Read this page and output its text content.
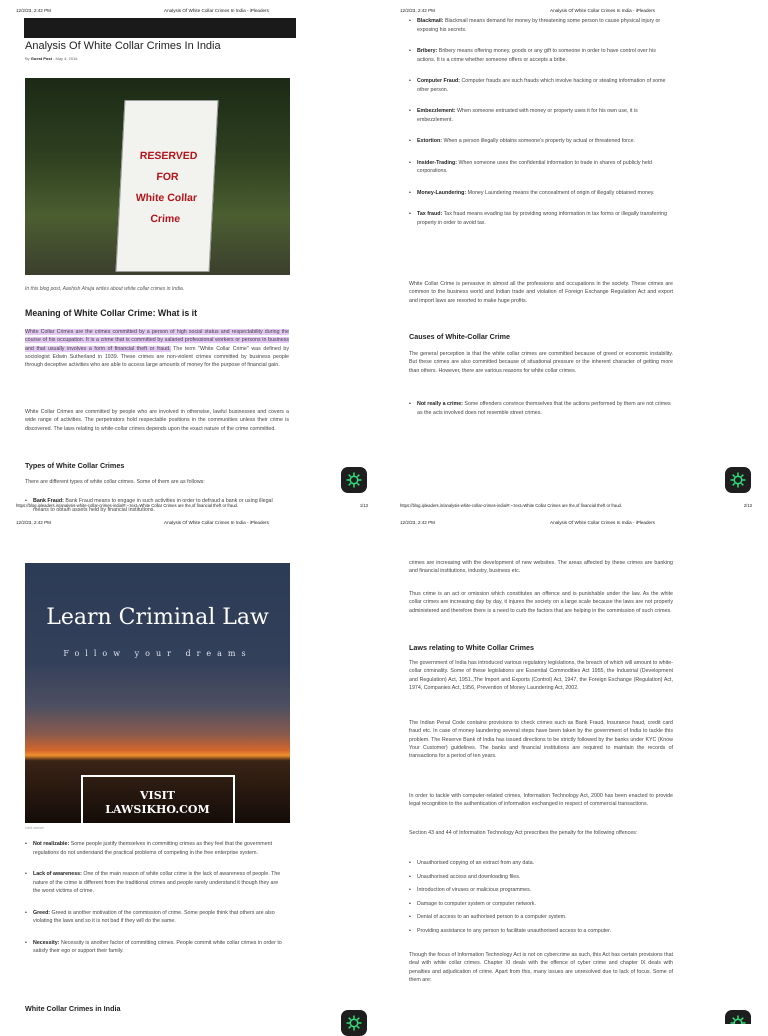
12/2/23, 2:42 PM	Analysis Of White Collar Crimes In India - iPleaders
Analysis Of White Collar Crimes In India
By Guest Post - May 4, 2016
RESERVED
FOR
White Collar
Crime
In this blog post, Aashish Ahuja writes about white collar crimes in India.
Meaning of White Collar Crime: What is it
White Collar Crimes are the crimes committed by a person of high social status and respectability during the course of his occupation. It is a crime that is committed by salaried professional workers or persons in business and that usually involves a form of financial theft or fraud. The term "White Collar Crime" was defined by sociologist Edwin Sutherland in 1939. These crimes are non-violent crimes committed by business people through deceptive activities who are able to access large amounts of money for the purpose of financial gain.
White Collar Crimes are committed by people who are involved in otherwise, lawful businesses and covers a wide range of activities. The perpetrators hold respectable positions in the communities unless their crime is discovered. The laws relating to white-collar crimes depends upon the exact nature of the crime committed.
Types of White Collar Crimes
There are different types of white collar crimes. Some of them are as follows:
• Bank Fraud: Bank Fraud means to engage in such activities in order to defraud a bank or using illegal means to obtain assets held by financial institutions.
https://blog.ipleaders.in/analysis-white-collar-crimes-india/#:~:text=White Collar Crimes are the,of financial theft or fraud.	1/13
12/2/23, 2:42 PM	Analysis Of White Collar Crimes In India - iPleaders
• Blackmail: Blackmail means demand for money by threatening some person to cause physical injury or exposing his secrets.
• Bribery: Bribery means offering money, goods or any gift to someone in order to have control over his actions. It is a crime whether someone offers or accepts a bribe.
• Computer Fraud: Computer frauds are such frauds which involve hacking or stealing information of some other person.
• Embezzlement: When someone entrusted with money or property uses it for his own use, it is embezzlement.
• Extortion: When a person illegally obtains someone's property by actual or threatened force.
• Insider-Trading: When someone uses the confidential information to trade in shares of publicly held corporations.
• Money-Laundering: Money Laundering means the concealment of origin of illegally obtained money.
• Tax fraud: Tax fraud means evading tax by providing wrong information in tax forms or illegally transferring property in order to avoid tax.
White Collar Crime is pervasive in almost all the professions and occupations in the society. These crimes are common to the business world and Indian trade and violation of Foreign Exchange Regulation Act and export and import laws are resorted to make huge profits.
Causes of White-Collar Crime
The general perception is that the white collar crimes are committed because of greed or economic instability. But these crimes are also committed because of situational pressure or the inherent character of getting more than others. However, there are various reasons for white collar crimes.
• Not really a crime: Some offenders convince themselves that the actions performed by them are not crimes as the acts involved does not resemble street crimes.
https://blog.ipleaders.in/analysis-white-collar-crimes-india/#:~:text=White Collar Crimes are the,of financial theft or fraud.	2/13
12/2/23, 2:42 PM	Analysis Of White Collar Crimes In India - iPleaders
Learn Criminal Law
Follow your dreams
VISIT
LAWSIKHO.COM
click above
• Not realizable: Some people justify themselves in committing crimes as they feel that the government regulations do not understand the practical problems of competing in the free enterprise system.
• Lack of awareness: One of the main reason of white collar crime is the lack of awareness of people. The nature of the crime is different from the traditional crimes and people rarely understand it though they are the worst victims of crime.
• Greed: Greed is another motivation of the commission of crime. Some people think that others are also violating the laws and so it is not bad if they will do the same.
• Necessity: Necessity is another factor of committing crimes. People commit white collar crimes in order to satisfy their ego or support their family.
White Collar Crimes in India
12/2/23, 2:42 PM	Analysis Of White Collar Crimes In India - iPleaders
crimes are increasing with the development of new websites. The areas affected by these crimes are banking and financial institutions, industry, business etc.
Thus crime is an act or omission which constitutes an offence and is punishable under the law. As the white collar crimes are increasing day by day, it injures the society on a large scale because the laws are not properly administered and therefore there is a need to curb the factors that are helping in the commission of such crimes.
Laws relating to White Collar Crimes
The government of India has introduced various regulatory legislations, the breach of which will amount to white-collar criminality. Some of these legislations are Essential Commodities Act 1955, the Industrial (Development and Regulation) Act, 1951.,The Import and Exports (Control) Act, 1947, the Foreign Exchange (Regulation) Act, 1974, Companies Act, 1956, Prevention of Money Laundering Act, 2002.
The Indian Penal Code contains provisions to check crimes such as Bank Fraud, Insurance fraud, credit card fraud etc. In case of money laundering several steps have been taken by the government of India to tackle this problem. The Reserve Bank of India has issued directions to be strictly followed by the banks under KYC (Know Your Customer) guidelines. The banks and financial institutions are required to maintain the records of transactions for a period of ten years.
In order to tackle with computer-related crimes, Information Technology Act, 2000 has been enacted to provide legal recognition to the authentication of information exchanged in respect of commercial transactions.
Section 43 and 44 of Information Technology Act prescribes the penalty for the following offences:
• Unauthorised copying of an extract from any data.
• Unauthorised access and downloading files.
• Introduction of viruses or malicious programmes.
• Damage to computer system or computer network.
• Denial of access to an authorised person to a computer system.
• Providing assistance to any person to facilitate unauthorised access to a computer.
Though the focus of Information Technology Act is not on cybercrime as such, this Act has certain provisions that deal with white collar crimes. Chapter XI deals with the offence of cyber crime and chapter IX deals with penalties and adjudication of crime. Apart from this, many issues are unresolved due to lack of focus. Some of them are:
